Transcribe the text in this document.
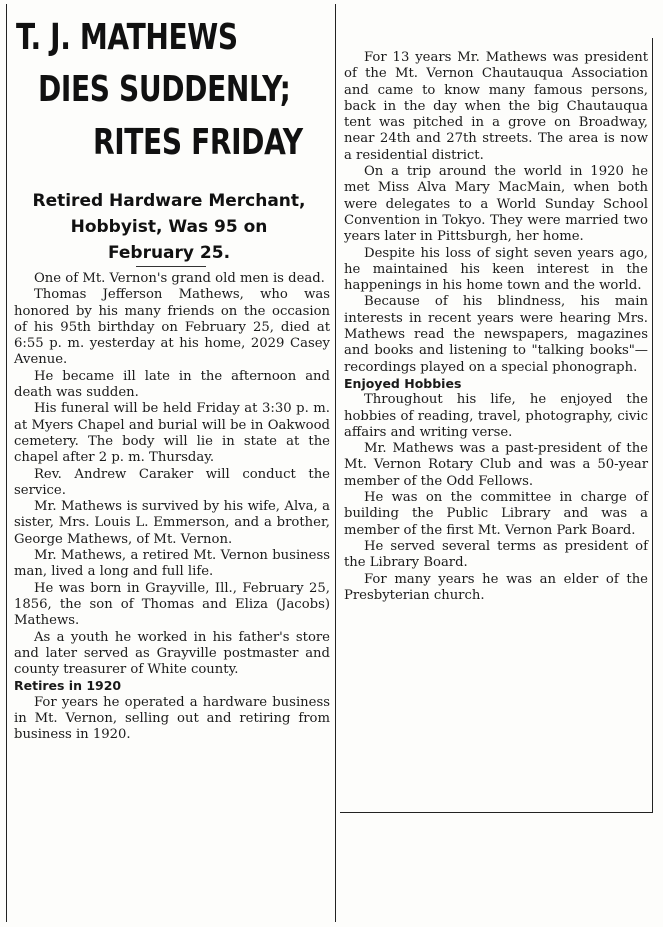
T. J. MATHEWS
DIES SUDDENLY;
RITES FRIDAY
Retired Hardware Merchant,
Hobbyist, Was 95 on
February 25.

One of Mt. Vernon's grand old men is dead.

Thomas Jefferson Mathews, who was honored by his many friends on the occasion of his 95th birthday on February 25, died at 6:55 p. m. yesterday at his home, 2029 Casey Avenue.

He became ill late in the afternoon and death was sudden.

His funeral will be held Friday at 3:30 p. m. at Myers Chapel and burial will be in Oakwood cemetery. The body will lie in state at the chapel after 2 p. m. Thursday.

Rev. Andrew Caraker will conduct the service.

Mr. Mathews is survived by his wife, Alva, a sister, Mrs. Louis L. Emmerson, and a brother, George Mathews, of Mt. Vernon.

Mr. Mathews, a retired Mt. Vernon business man, lived a long and full life.

He was born in Grayville, Ill., February 25, 1856, the son of Thomas and Eliza (Jacobs) Mathews.

As a youth he worked in his father's store and later served as Grayville postmaster and county treasurer of White county.

Retires in 1920

For years he operated a hardware business in Mt. Vernon, selling out and retiring from business in 1920.

For 13 years Mr. Mathews was president of the Mt. Vernon Chautauqua Association and came to know many famous persons, back in the day when the big Chautauqua tent was pitched in a grove on Broadway, near 24th and 27th streets. The area is now a residential district.

On a trip around the world in 1920 he met Miss Alva Mary MacMain, when both were delegates to a World Sunday School Convention in Tokyo. They were married two years later in Pittsburgh, her home.

Despite his loss of sight seven years ago, he maintained his keen interest in the happenings in his home town and the world.

Because of his blindness, his main interests in recent years were hearing Mrs. Mathews read the newspapers, magazines and books and listening to "talking books"—recordings played on a special phonograph.

Enjoyed Hobbies

Throughout his life, he enjoyed the hobbies of reading, travel, photography, civic affairs and writing verse.

Mr. Mathews was a past-president of the Mt. Vernon Rotary Club and was a 50-year member of the Odd Fellows.

He was on the committee in charge of building the Public Library and was a member of the first Mt. Vernon Park Board.

He served several terms as president of the Library Board.

For many years he was an elder of the Presbyterian church.
